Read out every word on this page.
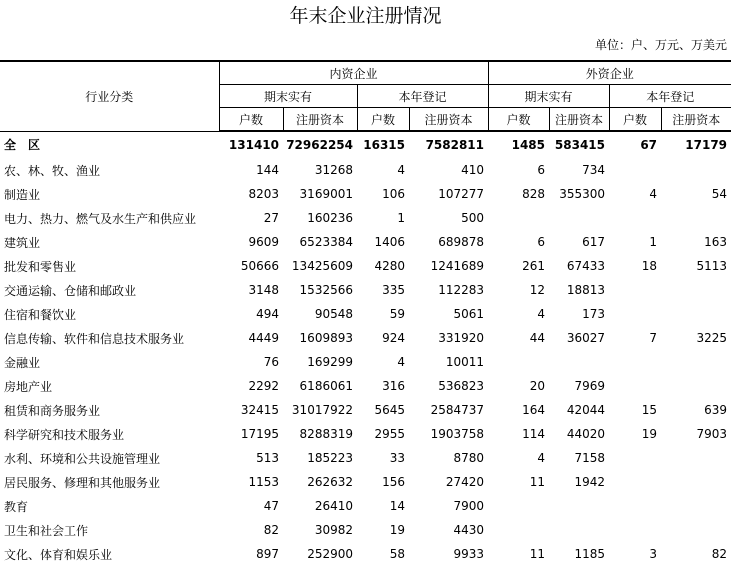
年末企业注册情况
单位：户、万元、万美元
行业分类	内资企业				外资企业			
	期末实有		本年登记		期末实有		本年登记	
	户数	注册资本	户数	注册资本	户数	注册资本	户数	注册资本
全　区	131410	72962254	16315	7582811	1485	583415	67	17179
农、林、牧、渔业	144	31268	4	410	6	734		
制造业	8203	3169001	106	107277	828	355300	4	54
电力、热力、燃气及水生产和供应业	27	160236	1	500				
建筑业	9609	6523384	1406	689878	6	617	1	163
批发和零售业	50666	13425609	4280	1241689	261	67433	18	5113
交通运输、仓储和邮政业	3148	1532566	335	112283	12	18813		
住宿和餐饮业	494	90548	59	5061	4	173		
信息传输、软件和信息技术服务业	4449	1609893	924	331920	44	36027	7	3225
金融业	76	169299	4	10011				
房地产业	2292	6186061	316	536823	20	7969		
租赁和商务服务业	32415	31017922	5645	2584737	164	42044	15	639
科学研究和技术服务业	17195	8288319	2955	1903758	114	44020	19	7903
水利、环境和公共设施管理业	513	185223	33	8780	4	7158		
居民服务、修理和其他服务业	1153	262632	156	27420	11	1942		
教育	47	26410	14	7900				
卫生和社会工作	82	30982	19	4430				
文化、体育和娱乐业	897	252900	58	9933	11	1185	3	82
